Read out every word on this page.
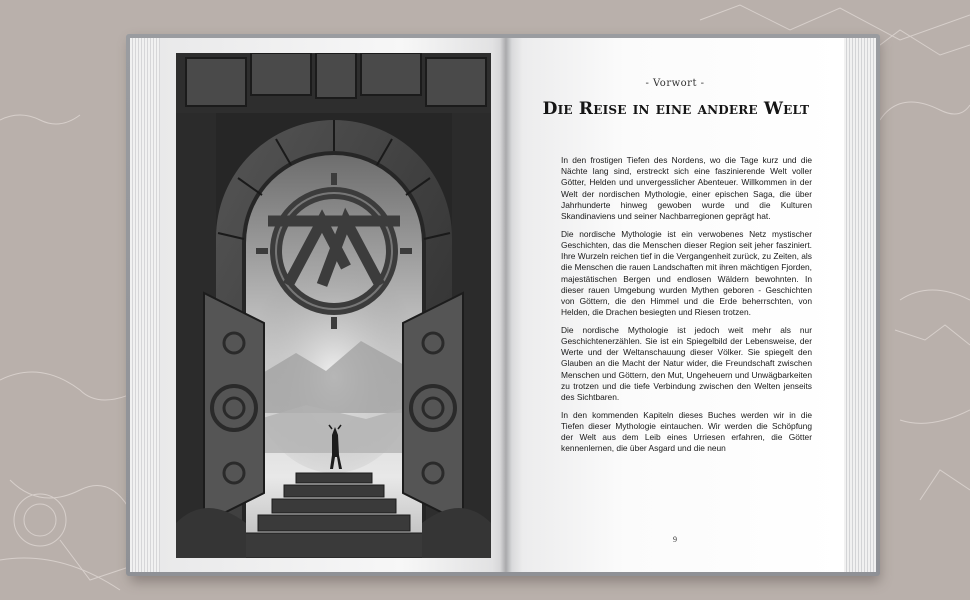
- Vorwort -
Die Reise in eine andere Welt

In den frostigen Tiefen des Nordens, wo die Tage kurz und die Nächte lang sind, erstreckt sich eine faszinierende Welt voller Götter, Helden und unvergesslicher Abenteuer. Willkommen in der Welt der nordischen Mythologie, einer epischen Saga, die über Jahrhunderte hinweg gewoben wurde und die Kulturen Skandinaviens und seiner Nachbarregionen geprägt hat.

Die nordische Mythologie ist ein verwobenes Netz mystischer Geschichten, das die Menschen dieser Region seit jeher fasziniert. Ihre Wurzeln reichen tief in die Vergangenheit zurück, zu Zeiten, als die Menschen die rauen Landschaften mit ihren mächtigen Fjorden, majestätischen Bergen und endlosen Wäldern bewohnten. In dieser rauen Umgebung wurden Mythen geboren - Geschichten von Göttern, die den Himmel und die Erde beherrschten, von Helden, die Drachen besiegten und Riesen trotzen.

Die nordische Mythologie ist jedoch weit mehr als nur Geschichtenerzählen. Sie ist ein Spiegelbild der Lebensweise, der Werte und der Weltanschauung dieser Völker. Sie spiegelt den Glauben an die Macht der Natur wider, die Freundschaft zwischen Menschen und Göttern, den Mut, Ungeheuern und Unwägbarkeiten zu trotzen und die tiefe Verbindung zwischen den Welten jenseits des Sichtbaren.

In den kommenden Kapiteln dieses Buches werden wir in die Tiefen dieser Mythologie eintauchen. Wir werden die Schöpfung der Welt aus dem Leib eines Urriesen erfahren, die Götter kennenlernen, die über Asgard und die neun

9
